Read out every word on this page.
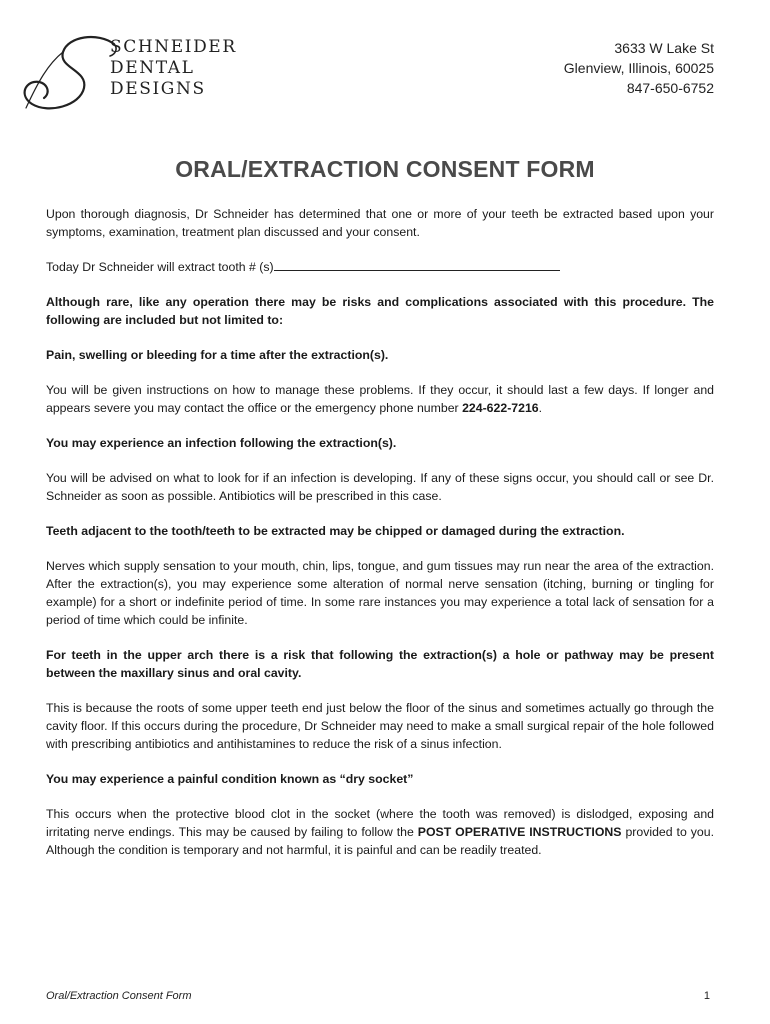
SCHNEIDER
DENTAL
DESIGNS
3633 W Lake St
Glenview, Illinois, 60025
847-650-6752
ORAL/EXTRACTION CONSENT FORM

Upon thorough diagnosis, Dr Schneider has determined that one or more of your teeth be extracted based upon your symptoms, examination, treatment plan discussed and your consent.

Today Dr Schneider will extract tooth # (s)

Although rare, like any operation there may be risks and complications associated with this procedure. The following are included but not limited to:

Pain, swelling or bleeding for a time after the extraction(s).

You will be given instructions on how to manage these problems. If they occur, it should last a few days. If longer and appears severe you may contact the office or the emergency phone number 224-622-7216.

You may experience an infection following the extraction(s).

You will be advised on what to look for if an infection is developing. If any of these signs occur, you should call or see Dr. Schneider as soon as possible. Antibiotics will be prescribed in this case.

Teeth adjacent to the tooth/teeth to be extracted may be chipped or damaged during the extraction.

Nerves which supply sensation to your mouth, chin, lips, tongue, and gum tissues may run near the area of the extraction. After the extraction(s), you may experience some alteration of normal nerve sensation (itching, burning or tingling for example) for a short or indefinite period of time. In some rare instances you may experience a total lack of sensation for a period of time which could be infinite.

For teeth in the upper arch there is a risk that following the extraction(s) a hole or pathway may be present between the maxillary sinus and oral cavity.

This is because the roots of some upper teeth end just below the floor of the sinus and sometimes actually go through the cavity floor. If this occurs during the procedure, Dr Schneider may need to make a small surgical repair of the hole followed with prescribing antibiotics and antihistamines to reduce the risk of a sinus infection.

You may experience a painful condition known as “dry socket”

This occurs when the protective blood clot in the socket (where the tooth was removed) is dislodged, exposing and irritating nerve endings. This may be caused by failing to follow the POST OPERATIVE INSTRUCTIONS provided to you. Although the condition is temporary and not harmful, it is painful and can be readily treated.

Oral/Extraction Consent Form	1
